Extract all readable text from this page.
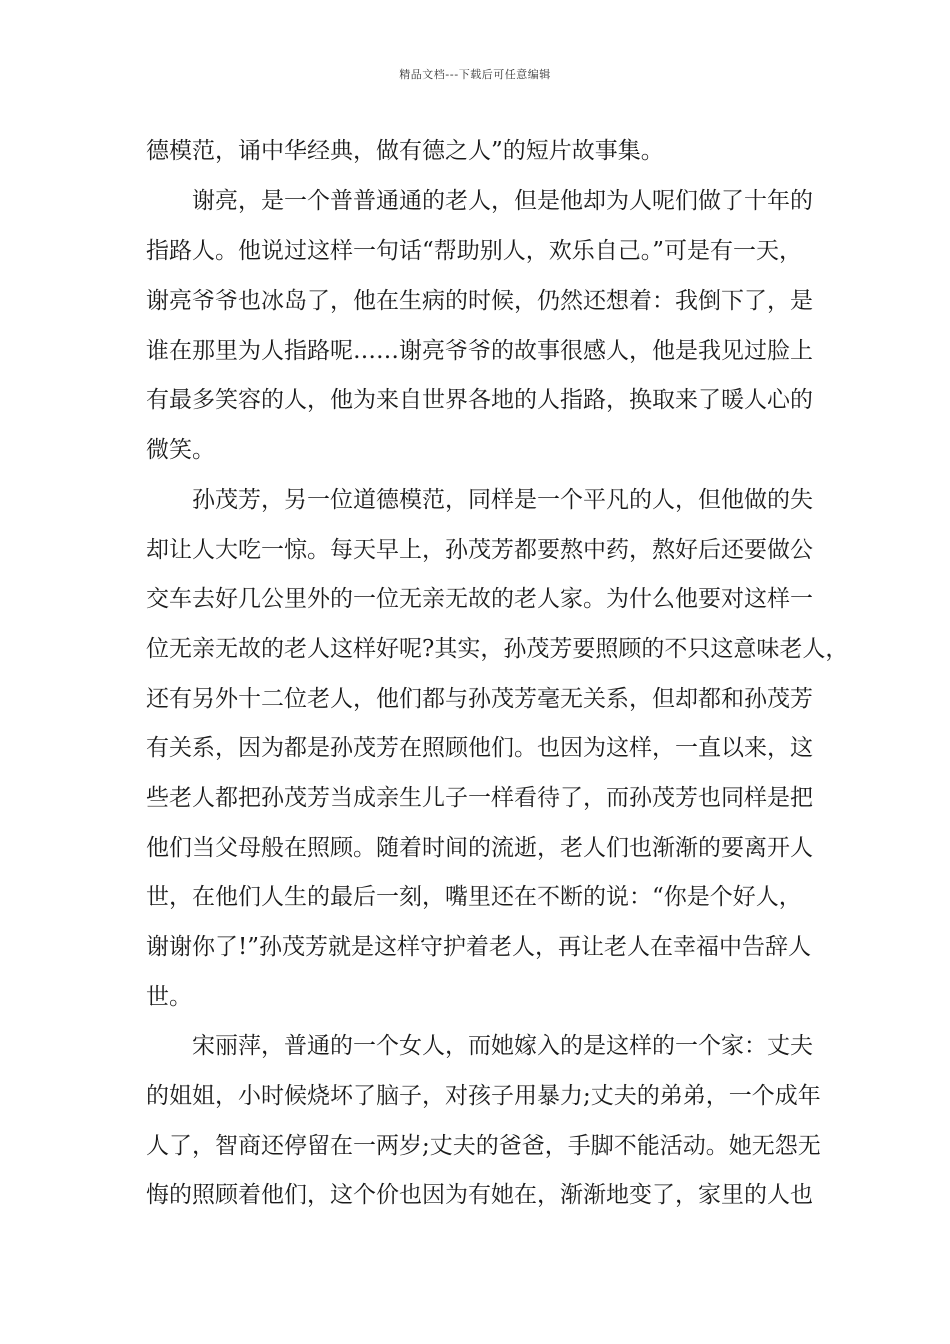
精品文档---下载后可任意编辑
德模范，诵中华经典，做有德之人”的短片故事集。
　　谢亮，是一个普普通通的老人，但是他却为人呢们做了十年的
指路人。他说过这样一句话“帮助别人，欢乐自己。”可是有一天，
谢亮爷爷也冰岛了，他在生病的时候，仍然还想着：我倒下了，是
谁在那里为人指路呢……谢亮爷爷的故事很感人，他是我见过脸上
有最多笑容的人，他为来自世界各地的人指路，换取来了暖人心的
微笑。
　　孙茂芳，另一位道德模范，同样是一个平凡的人，但他做的失
却让人大吃一惊。每天早上，孙茂芳都要熬中药，熬好后还要做公
交车去好几公里外的一位无亲无故的老人家。为什么他要对这样一
位无亲无故的老人这样好呢?其实，孙茂芳要照顾的不只这意味老人，
还有另外十二位老人，他们都与孙茂芳毫无关系，但却都和孙茂芳
有关系，因为都是孙茂芳在照顾他们。也因为这样，一直以来，这
些老人都把孙茂芳当成亲生儿子一样看待了，而孙茂芳也同样是把
他们当父母般在照顾。随着时间的流逝，老人们也渐渐的要离开人
世，在他们人生的最后一刻，嘴里还在不断的说：“你是个好人，
谢谢你了!”孙茂芳就是这样守护着老人，再让老人在幸福中告辞人
世。
　　宋丽萍，普通的一个女人，而她嫁入的是这样的一个家：丈夫
的姐姐，小时候烧坏了脑子，对孩子用暴力;丈夫的弟弟，一个成年
人了，智商还停留在一两岁;丈夫的爸爸，手脚不能活动。她无怨无
悔的照顾着他们，这个价也因为有她在，渐渐地变了，家里的人也
